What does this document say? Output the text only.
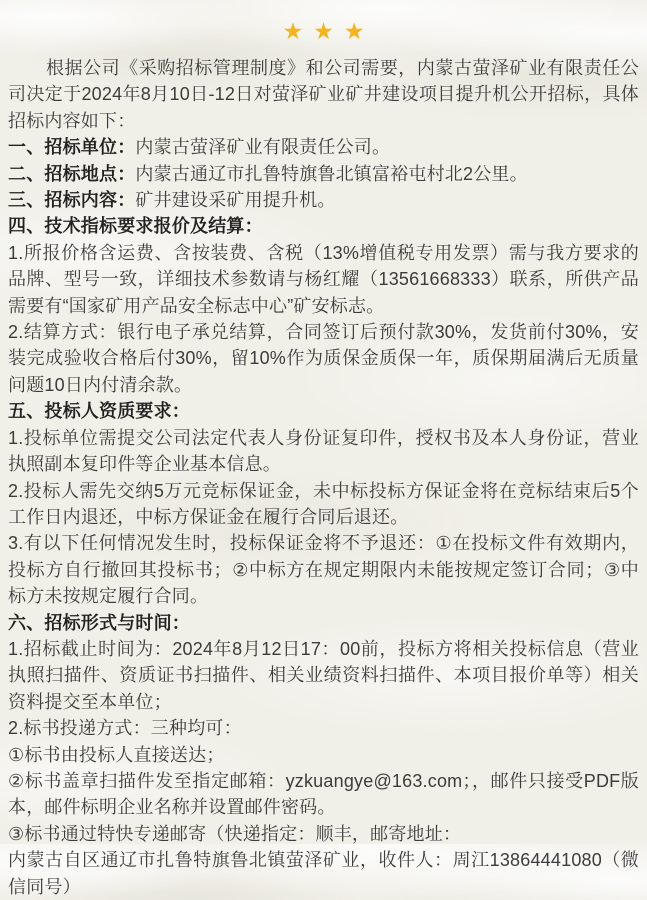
★ ★ ★

根据公司《采购招标管理制度》和公司需要，内蒙古萤泽矿业有限责任公司决定于2024年8月10日-12日对萤泽矿业矿井建设项目提升机公开招标，具体招标内容如下：

一、招标单位：内蒙古萤泽矿业有限责任公司。

二、招标地点：内蒙古通辽市扎鲁特旗鲁北镇富裕屯村北2公里。

三、招标内容：矿井建设采矿用提升机。

四、技术指标要求报价及结算：

1.所报价格含运费、含按装费、含税（13%增值税专用发票）需与我方要求的品牌、型号一致，详细技术参数请与杨红耀（13561668333）联系，所供产品需要有“国家矿用产品安全标志中心”矿安标志。

2.结算方式：银行电子承兑结算，合同签订后预付款30%，发货前付30%，安装完成验收合格后付30%，留10%作为质保金质保一年，质保期届满后无质量问题10日内付清余款。

五、投标人资质要求：

1.投标单位需提交公司法定代表人身份证复印件，授权书及本人身份证，营业执照副本复印件等企业基本信息。

2.投标人需先交纳5万元竞标保证金，未中标投标方保证金将在竞标结束后5个工作日内退还，中标方保证金在履行合同后退还。

3.有以下任何情况发生时，投标保证金将不予退还：①在投标文件有效期内，投标方自行撤回其投标书；②中标方在规定期限内未能按规定签订合同；③中标方未按规定履行合同。

六、招标形式与时间：

1.招标截止时间为：2024年8月12日17：00前，投标方将相关投标信息（营业执照扫描件、资质证书扫描件、相关业绩资料扫描件、本项目报价单等）相关资料提交至本单位；

2.标书投递方式：三种均可：

①标书由投标人直接送达；

②标书盖章扫描件发至指定邮箱：yzkuangye@163.com；，邮件只接受PDF版本，邮件标明企业名称并设置邮件密码。

③标书通过特快专递邮寄（快递指定：顺丰，邮寄地址：

内蒙古自区通辽市扎鲁特旗鲁北镇萤泽矿业，收件人：周江13864441080（微信同号）
